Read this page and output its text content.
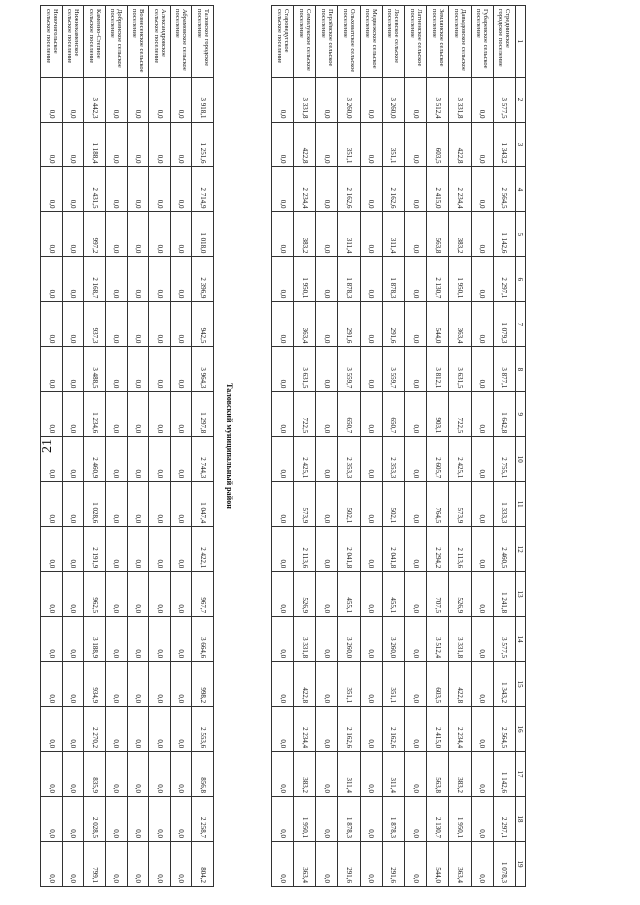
21
1	2	3	4	5	6	7	8	9	10	11	12	13	14	15	16	17	18	19
Стреднинское городское поселение	3 577,5	1 343,2	2 564,5	1 142,6	2 297,1	1 079,3	3 877,1	1 642,8	2 755,1	1 333,3	2 460,5	1 241,8	3 577,5	1 343,2	2 564,5	1 142,6	2 297,1	1 078,3
Губаревское сельское поселение	0,0	0,0	0,0	0,0	0,0	0,0	0,0	0,0	0,0	0,0	0,0	0,0	0,0	0,0	0,0	0,0	0,0	0,0
Давыдовское сельское поселение	3 331,8	422,8	2 234,4	383,2	1 950,1	363,4	3 631,5	722,5	2 425,1	573,9	2 113,6	526,9	3 331,8	422,8	2 234,4	383,2	1 950,1	363,4
Землянское сельское поселение	3 512,4	603,5	2 415,0	563,8	2 130,7	544,0	3 812,1	903,1	2 605,7	764,5	2 294,2	707,5	3 512,4	603,5	2 415,0	563,8	2 130,7	544,0
Латненское сельское поселение	0,0	0,0	0,0	0,0	0,0	0,0	0,0	0,0	0,0	0,0	0,0	0,0	0,0	0,0	0,0	0,0	0,0	0,0
Лосевское сельское поселение	3 260,0	351,1	2 162,6	311,4	1 878,3	291,6	3 559,7	650,7	2 353,3	502,1	2 041,8	455,1	3 260,0	351,1	2 162,6	311,4	1 878,3	291,6
Медвежское сельское поселение	0,0	0,0	0,0	0,0	0,0	0,0	0,0	0,0	0,0	0,0	0,0	0,0	0,0	0,0	0,0	0,0	0,0	0,0
Ольховатское сельское поселение	3 260,0	351,1	2 162,6	311,4	1 878,3	291,6	3 559,7	650,7	2 353,3	502,1	2 041,8	455,1	3 260,0	351,1	2 162,6	311,4	1 878,3	291,6
Перлёвское сельское поселение	0,0	0,0	0,0	0,0	0,0	0,0	0,0	0,0	0,0	0,0	0,0	0,0	0,0	0,0	0,0	0,0	0,0	0,0
Семилукское сельское поселение	3 331,8	422,8	2 234,4	383,2	1 950,1	363,4	3 631,5	722,5	2 425,1	573,9	2 113,6	526,9	3 331,8	422,8	2 234,4	383,2	1 950,1	363,4
Староведугское сельское поселение	0,0	0,0	0,0	0,0	0,0	0,0	0,0	0,0	0,0	0,0	0,0	0,0	0,0	0,0	0,0	0,0	0,0	0,0
Таловский муниципальный район
Таловское городское поселение	3 918,1	1 251,6	2 714,9	1 018,0	2 396,9	942,5	3 964,3	1 297,8	2 744,3	1 047,4	2 422,1	967,7	3 664,6	998,2	2 553,6	856,8	2 258,7	804,2
Абрамовское сельское поселение	0,0	0,0	0,0	0,0	0,0	0,0	0,0	0,0	0,0	0,0	0,0	0,0	0,0	0,0	0,0	0,0	0,0	0,0
Александровское сельское поселение	0,0	0,0	0,0	0,0	0,0	0,0	0,0	0,0	0,0	0,0	0,0	0,0	0,0	0,0	0,0	0,0	0,0	0,0
Вознесенское сельское поселение	0,0	0,0	0,0	0,0	0,0	0,0	0,0	0,0	0,0	0,0	0,0	0,0	0,0	0,0	0,0	0,0	0,0	0,0
Добринское сельское поселение	0,0	0,0	0,0	0,0	0,0	0,0	0,0	0,0	0,0	0,0	0,0	0,0	0,0	0,0	0,0	0,0	0,0	0,0
Каменно-Степное сельское поселение	3 442,3	1 188,4	2 431,5	997,2	2 168,7	937,3	3 488,5	1 234,6	2 460,9	1 028,6	2 191,9	962,5	3 188,9	934,9	2 270,2	835,9	2 028,5	799,1
Нижнекаменское сельское поселение	0,0	0,0	0,0	0,0	0,0	0,0	0,0	0,0	0,0	0,0	0,0	0,0	0,0	0,0	0,0	0,0	0,0	0,0
Новочигольское сельское поселение	0,0	0,0	0,0	0,0	0,0	0,0	0,0	0,0	0,0	0,0	0,0	0,0	0,0	0,0	0,0	0,0	0,0	0,0
